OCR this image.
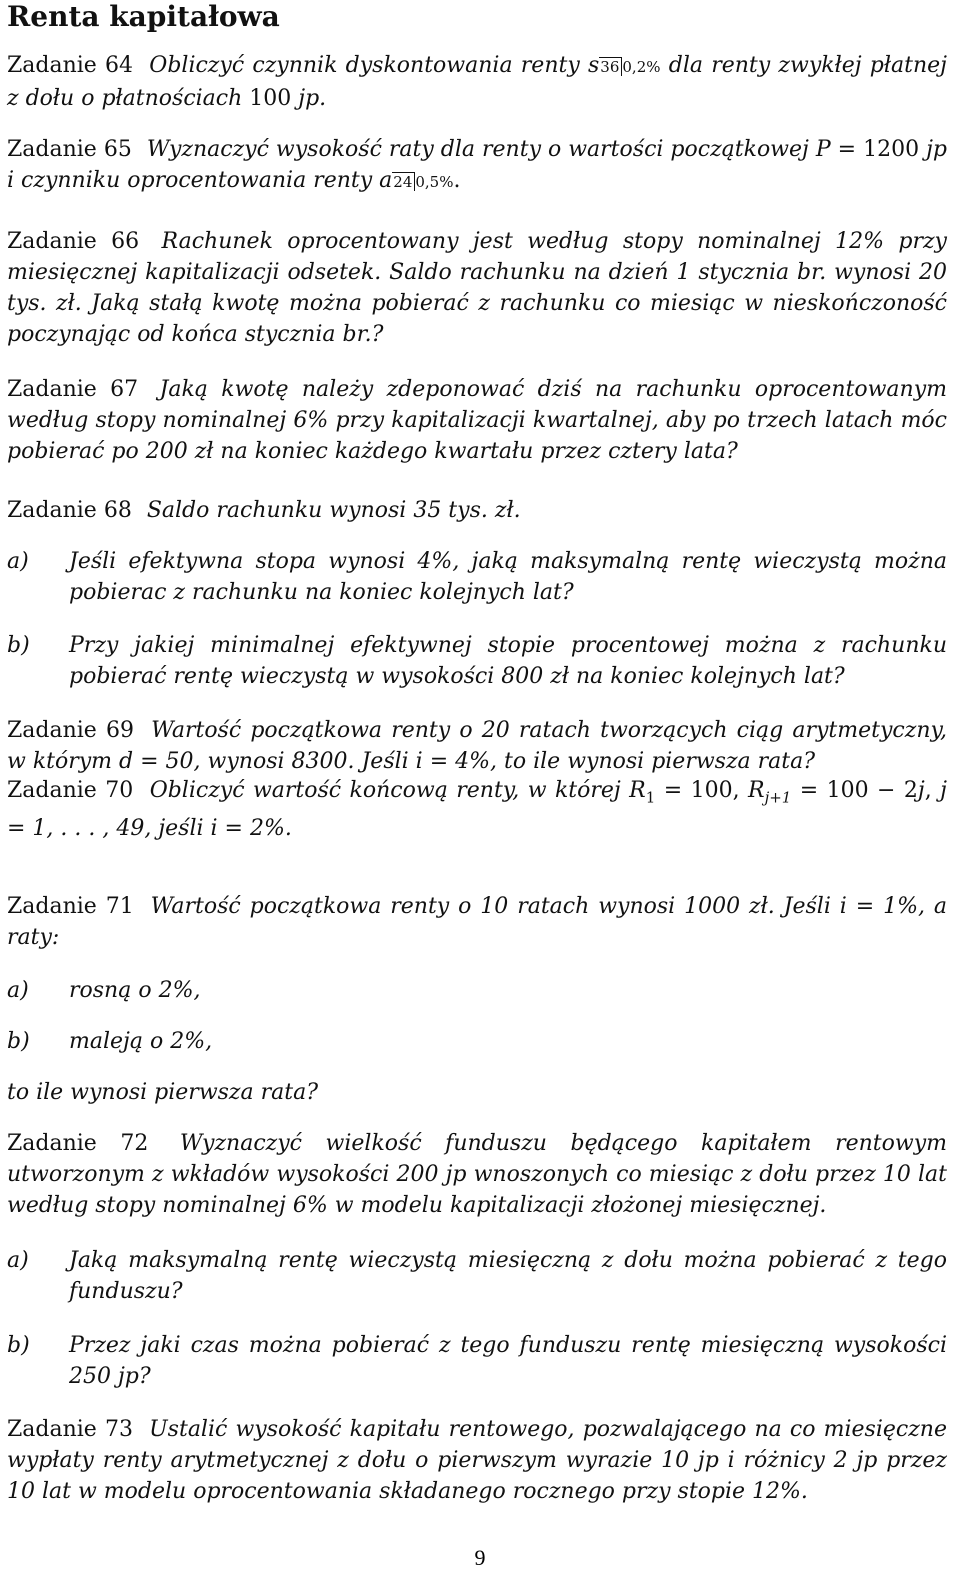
Renta kapitałowa
Zadanie 64 Obliczyć czynnik dyskontowania renty s36 0,2% dla renty zwykłej płatnej z dołu o płatnościach 100 jp.
Zadanie 65 Wyznaczyć wysokość raty dla renty o wartości początkowej P = 1200 jp i czynniku oprocentowania renty a24 0,5%.
Zadanie 66 Rachunek oprocentowany jest według stopy nominalnej 12% przy miesięcznej kapitalizacji odsetek. Saldo rachunku na dzień 1 stycznia br. wynosi 20 tys. zł. Jaką stałą kwotę można pobierać z rachunku co miesiąc w nieskończoność poczynając od końca stycznia br.?
Zadanie 67 Jaką kwotę należy zdeponować dziś na rachunku oprocentowanym według stopy nominalnej 6% przy kapitalizacji kwartalnej, aby po trzech latach móc pobierać po 200 zł na koniec każdego kwartału przez cztery lata?
Zadanie 68 Saldo rachunku wynosi 35 tys. zł.
a) Jeśli efektywna stopa wynosi 4%, jaką maksymalną rentę wieczystą można pobierac z rachunku na koniec kolejnych lat?
b) Przy jakiej minimalnej efektywnej stopie procentowej można z rachunku pobierać rentę wieczystą w wysokości 800 zł na koniec kolejnych lat?
Zadanie 69 Wartość początkowa renty o 20 ratach tworzących ciąg arytmetyczny, w którym d = 50, wynosi 8300. Jeśli i = 4%, to ile wynosi pierwsza rata?
Zadanie 70 Obliczyć wartość końcową renty, w której $R_1 = 100$, $R_{j+1} = 100 - 2j$, j = 1, . . . , 49, jeśli i = 2%.
Zadanie 71 Wartość początkowa renty o 10 ratach wynosi 1000 zł. Jeśli i = 1%, a raty:
a) rosną o 2%,
b) maleją o 2%,
to ile wynosi pierwsza rata?
Zadanie 72 Wyznaczyć wielkość funduszu będącego kapitałem rentowym utworzonym z wkładów wysokości 200 jp wnoszonych co miesiąc z dołu przez 10 lat według stopy nominalnej 6% w modelu kapitalizacji złożonej miesięcznej.
a) Jaką maksymalną rentę wieczystą miesięczną z dołu można pobierać z tego funduszu?
b) Przez jaki czas można pobierać z tego funduszu rentę miesięczną wysokości 250 jp?
Zadanie 73 Ustalić wysokość kapitału rentowego, pozwalającego na co miesięczne wypłaty renty arytmetycznej z dołu o pierwszym wyrazie 10 jp i różnicy 2 jp przez 10 lat w modelu oprocentowania składanego rocznego przy stopie 12%.
9
